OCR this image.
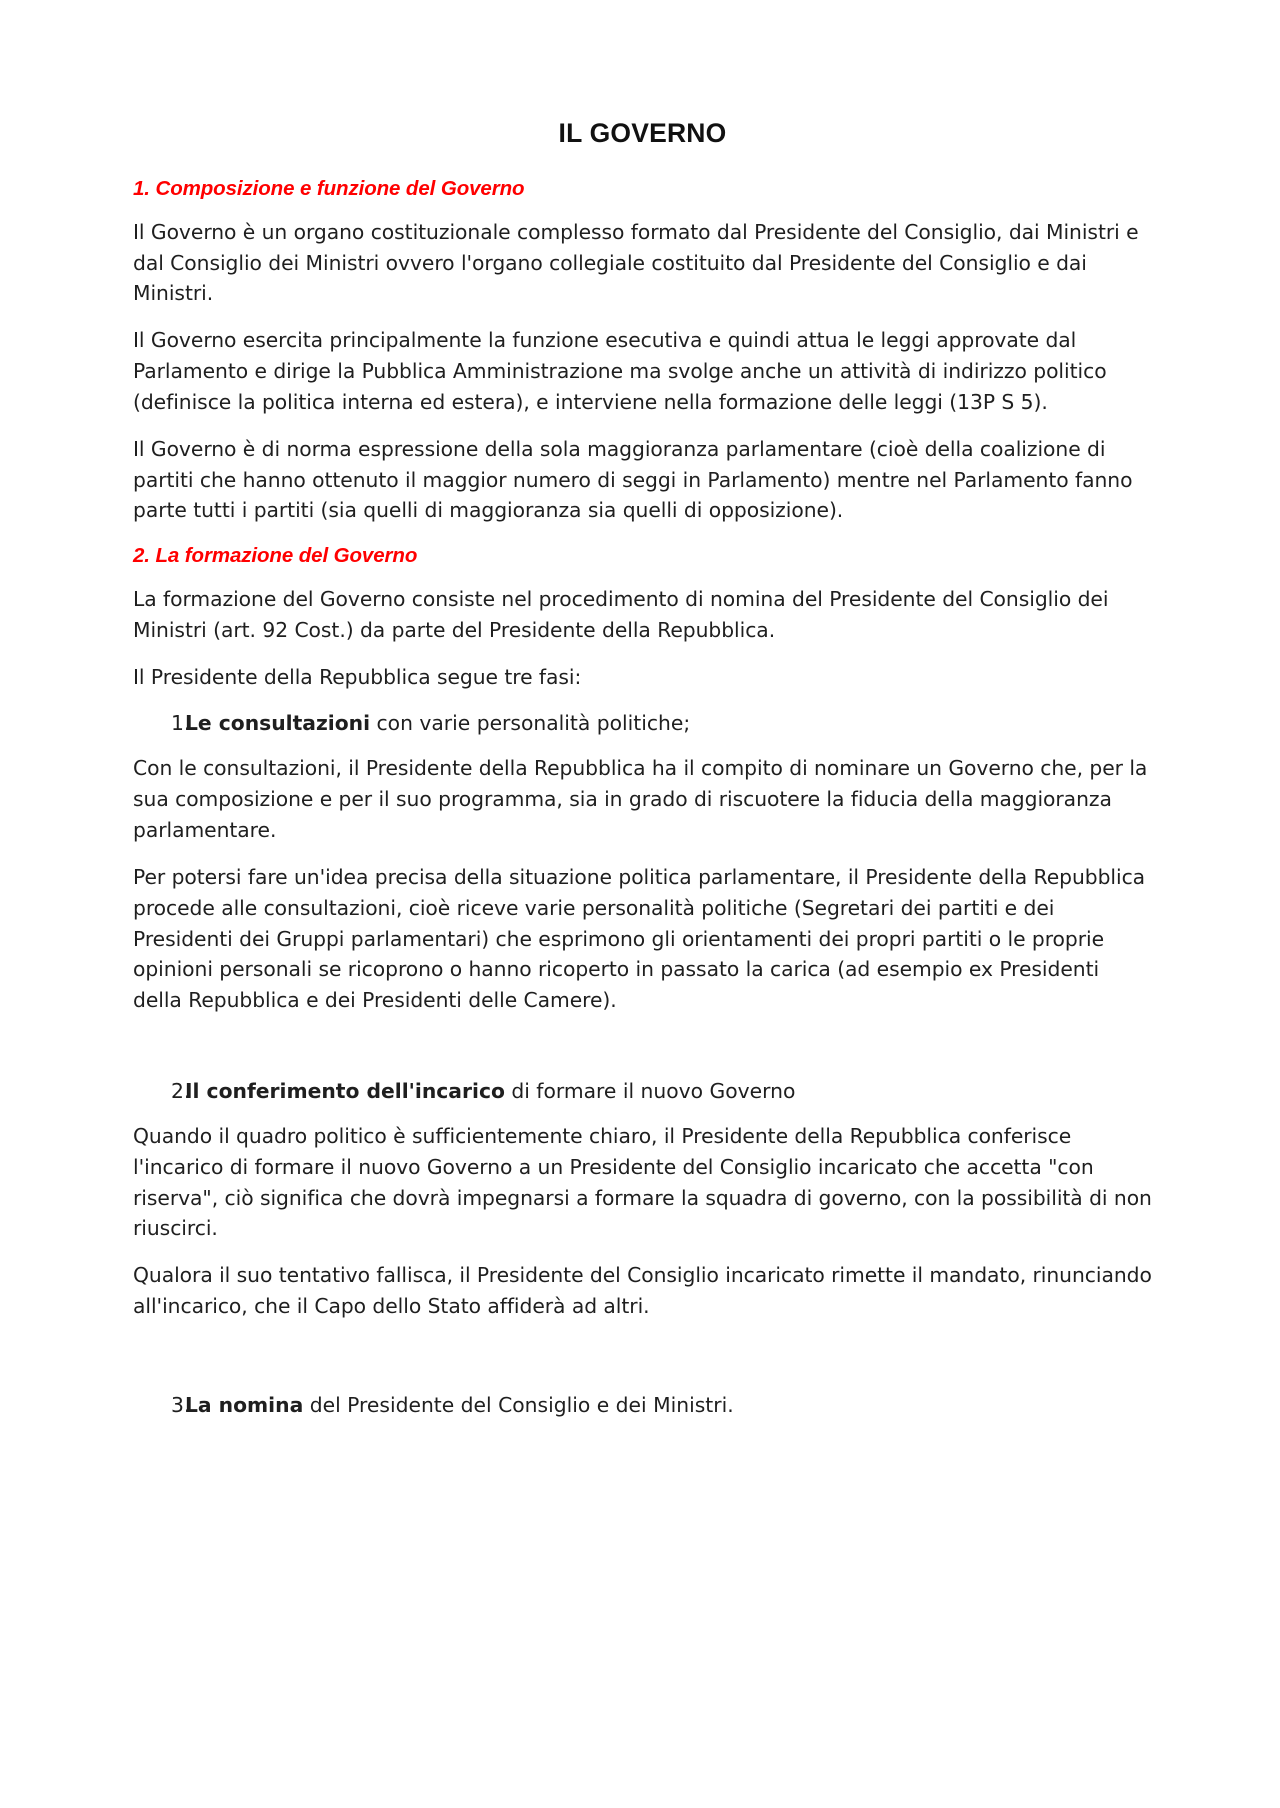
IL GOVERNO
1. Composizione e funzione del Governo

Il Governo è un organo costituzionale complesso formato dal Presidente del Consiglio, dai Ministri e dal Consiglio dei Ministri ovvero l'organo collegiale costituito dal Presidente del Consiglio e dai Ministri.

Il Governo esercita principalmente la funzione esecutiva e quindi attua le leggi approvate dal Parlamento e dirige la Pubblica Amministrazione ma svolge anche un attività di indirizzo politico (definisce la politica interna ed estera), e interviene nella formazione delle leggi (13P S 5).

Il Governo è di norma espressione della sola maggioranza parlamentare (cioè della coalizione di partiti che hanno ottenuto il maggior numero di seggi in Parlamento) mentre nel Parlamento fanno parte tutti i partiti (sia quelli di maggioranza sia quelli di opposizione).

2. La formazione del Governo

La formazione del Governo consiste nel procedimento di nomina del Presidente del Consiglio dei Ministri (art. 92 Cost.) da parte del Presidente della Repubblica.

Il Presidente della Repubblica segue tre fasi:

1.
Le consultazioni con varie personalità politiche;

Con le consultazioni, il Presidente della Repubblica ha il compito di nominare un Governo che, per la sua composizione e per il suo programma, sia in grado di riscuotere la fiducia della maggioranza parlamentare.

Per potersi fare un'idea precisa della situazione politica parlamentare, il Presidente della Repubblica procede alle consultazioni, cioè riceve varie personalità politiche (Segretari dei partiti e dei Presidenti dei Gruppi parlamentari) che esprimono gli orientamenti dei propri partiti o le proprie opinioni personali se ricoprono o hanno ricoperto in passato la carica (ad esempio ex Presidenti della Repubblica e dei Presidenti delle Camere).

2.
Il conferimento dell'incarico di formare il nuovo Governo

Quando il quadro politico è sufficientemente chiaro, il Presidente della Repubblica conferisce l'incarico di formare il nuovo Governo a un Presidente del Consiglio incaricato che accetta "con riserva", ciò significa che dovrà impegnarsi a formare la squadra di governo, con la possibilità di non riuscirci.

Qualora il suo tentativo fallisca, il Presidente del Consiglio incaricato rimette il mandato, rinunciando all'incarico, che il Capo dello Stato affiderà ad altri.

3.
La nomina del Presidente del Consiglio e dei Ministri.
